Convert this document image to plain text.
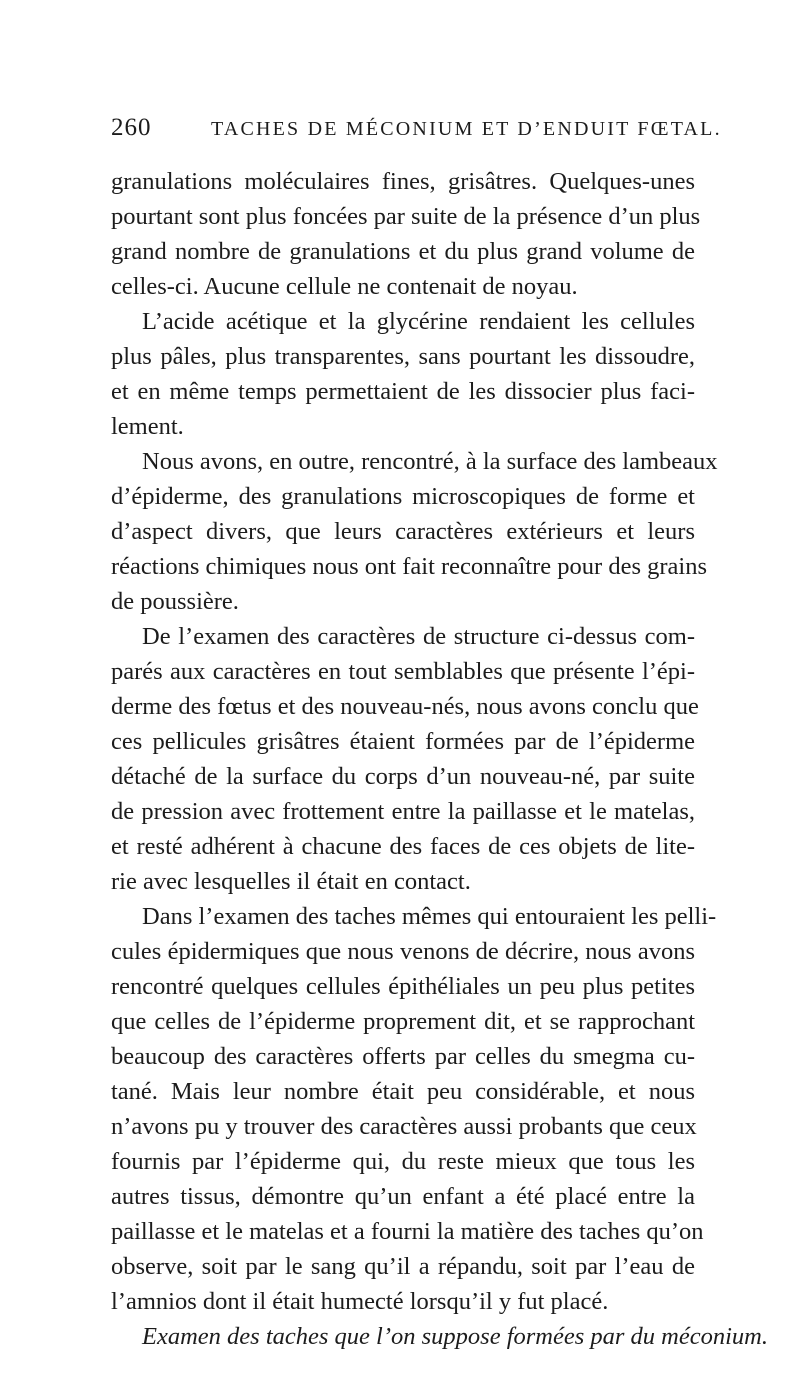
260	TACHES DE MÉCONIUM ET D’ENDUIT FŒTAL.
granulations moléculaires fines, grisâtres. Quelques-unes
pourtant sont plus foncées par suite de la présence d’un plus
grand nombre de granulations et du plus grand volume de
celles-ci. Aucune cellule ne contenait de noyau.
L’acide acétique et la glycérine rendaient les cellules
plus pâles, plus transparentes, sans pourtant les dissoudre,
et en même temps permettaient de les dissocier plus faci-
lement.
Nous avons, en outre, rencontré, à la surface des lambeaux
d’épiderme, des granulations microscopiques de forme et
d’aspect divers, que leurs caractères extérieurs et leurs
réactions chimiques nous ont fait reconnaître pour des grains
de poussière.
De l’examen des caractères de structure ci-dessus com-
parés aux caractères en tout semblables que présente l’épi-
derme des fœtus et des nouveau-nés, nous avons conclu que
ces pellicules grisâtres étaient formées par de l’épiderme
détaché de la surface du corps d’un nouveau-né, par suite
de pression avec frottement entre la paillasse et le matelas,
et resté adhérent à chacune des faces de ces objets de lite-
rie avec lesquelles il était en contact.
Dans l’examen des taches mêmes qui entouraient les pelli-
cules épidermiques que nous venons de décrire, nous avons
rencontré quelques cellules épithéliales un peu plus petites
que celles de l’épiderme proprement dit, et se rapprochant
beaucoup des caractères offerts par celles du smegma cu-
tané. Mais leur nombre était peu considérable, et nous
n’avons pu y trouver des caractères aussi probants que ceux
fournis par l’épiderme qui, du reste mieux que tous les
autres tissus, démontre qu’un enfant a été placé entre la
paillasse et le matelas et a fourni la matière des taches qu’on
observe, soit par le sang qu’il a répandu, soit par l’eau de
l’amnios dont il était humecté lorsqu’il y fut placé.
Examen des taches que l’on suppose formées par du méconium.
